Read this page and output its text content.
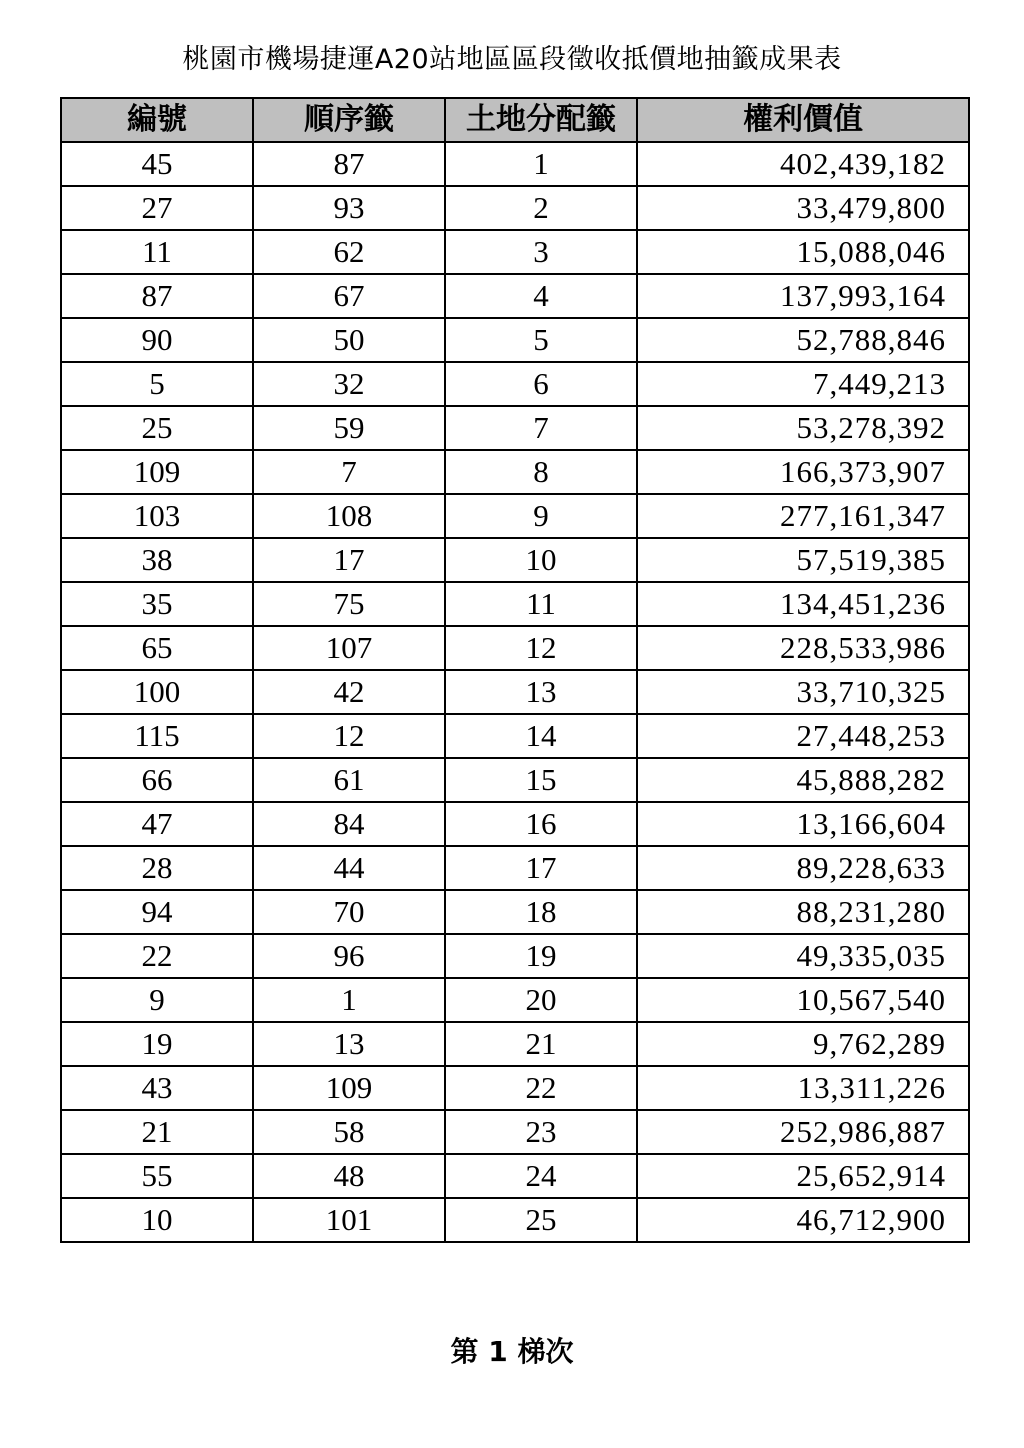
桃園市機場捷運A20站地區區段徵收抵價地抽籤成果表
編號	順序籤	土地分配籤	權利價值
45	87	1	402,439,182
27	93	2	33,479,800
11	62	3	15,088,046
87	67	4	137,993,164
90	50	5	52,788,846
5	32	6	7,449,213
25	59	7	53,278,392
109	7	8	166,373,907
103	108	9	277,161,347
38	17	10	57,519,385
35	75	11	134,451,236
65	107	12	228,533,986
100	42	13	33,710,325
115	12	14	27,448,253
66	61	15	45,888,282
47	84	16	13,166,604
28	44	17	89,228,633
94	70	18	88,231,280
22	96	19	49,335,035
9	1	20	10,567,540
19	13	21	9,762,289
43	109	22	13,311,226
21	58	23	252,986,887
55	48	24	25,652,914
10	101	25	46,712,900
第 1 梯次
